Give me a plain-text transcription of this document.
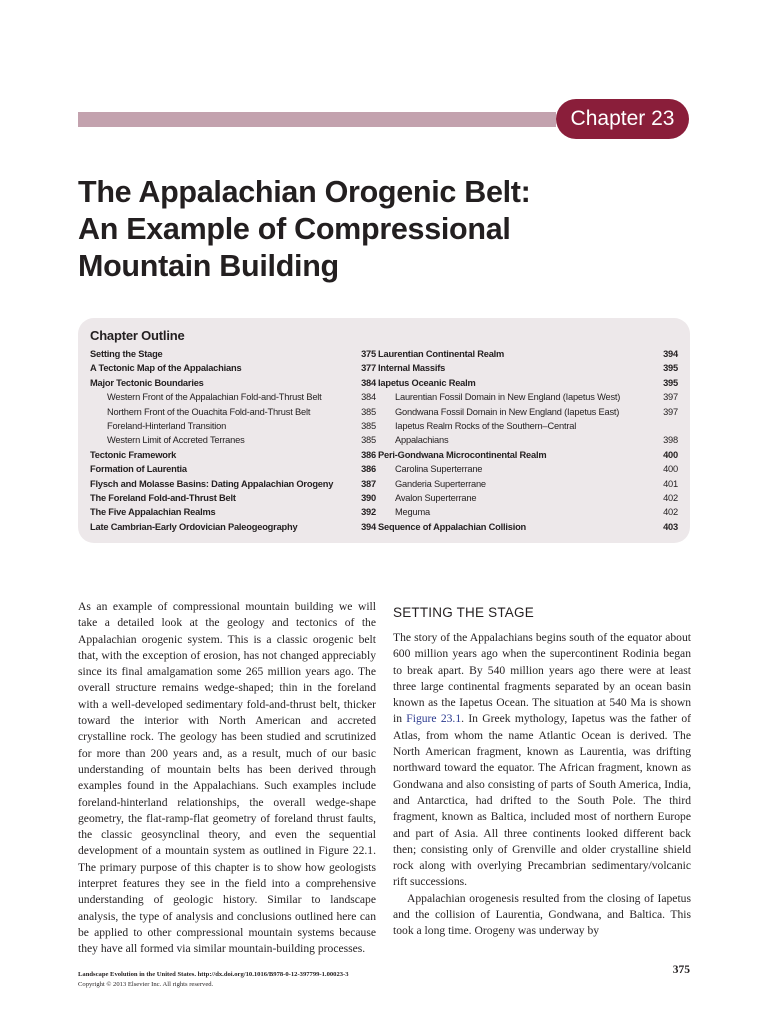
Chapter 23
The Appalachian Orogenic Belt:
An Example of Compressional
Mountain Building
Chapter Outline
Setting the Stage	375
A Tectonic Map of the Appalachians	377
Major Tectonic Boundaries	384
Western Front of the Appalachian Fold-and-Thrust Belt	384
Northern Front of the Ouachita Fold-and-Thrust Belt	385
Foreland-Hinterland Transition	385
Western Limit of Accreted Terranes	385
Tectonic Framework	386
Formation of Laurentia	386
Flysch and Molasse Basins: Dating Appalachian Orogeny	387
The Foreland Fold-and-Thrust Belt	390
The Five Appalachian Realms	392
Late Cambrian-Early Ordovician Paleogeography	394
Laurentian Continental Realm	394
Internal Massifs	395
Iapetus Oceanic Realm	395
Laurentian Fossil Domain in New England (Iapetus West)	397
Gondwana Fossil Domain in New England (Iapetus East)	397
Iapetus Realm Rocks of the Southern–Central
Appalachians	398
Peri-Gondwana Microcontinental Realm	400
Carolina Superterrane	400
Ganderia Superterrane	401
Avalon Superterrane	402
Meguma	402
Sequence of Appalachian Collision	403
As an example of compressional mountain building we will take a detailed look at the geology and tectonics of the Appalachian orogenic system. This is a classic orogenic belt that, with the exception of erosion, has not changed appreciably since its final amalgamation some 265 million years ago. The overall structure remains wedge-shaped; thin in the foreland with a well-developed sedimentary fold-and-thrust belt, thicker toward the interior with North American and accreted crystalline rock. The geology has been studied and scrutinized for more than 200 years and, as a result, much of our basic understanding of mountain belts has been derived through examples found in the Appalachians. Such examples include foreland-hinterland relationships, the overall wedge-shape geometry, the flat-ramp-flat geometry of foreland thrust faults, the classic geosynclinal theory, and even the sequential development of a mountain system as outlined in Figure 22.1. The primary purpose of this chapter is to show how geologists interpret features they see in the field into a comprehensive understanding of geologic history. Similar to landscape analysis, the type of analysis and conclusions outlined here can be applied to other compressional mountain systems because they have all formed via similar mountain-building processes.
SETTING THE STAGE

The story of the Appalachians begins south of the equator about 600 million years ago when the supercontinent Rodinia began to break apart. By 540 million years ago there were at least three large continental fragments separated by an ocean basin known as the Iapetus Ocean. The situation at 540 Ma is shown in Figure 23.1. In Greek mythology, Iapetus was the father of Atlas, from whom the name Atlantic Ocean is derived. The North American fragment, known as Laurentia, was drifting northward toward the equator. The African fragment, known as Gondwana and also consisting of parts of South America, India, and Antarctica, had drifted to the South Pole. The third fragment, known as Baltica, included most of northern Europe and part of Asia. All three continents looked different back then; consisting only of Grenville and older crystalline shield rock along with overlying Precambrian sedimentary/volcanic rift successions.

Appalachian orogenesis resulted from the closing of Iapetus and the collision of Laurentia, Gondwana, and Baltica. This took a long time. Orogeny was underway by

Landscape Evolution in the United States. http://dx.doi.org/10.1016/B978-0-12-397799-1.00023-3
Copyright © 2013 Elsevier Inc. All rights reserved.
375
